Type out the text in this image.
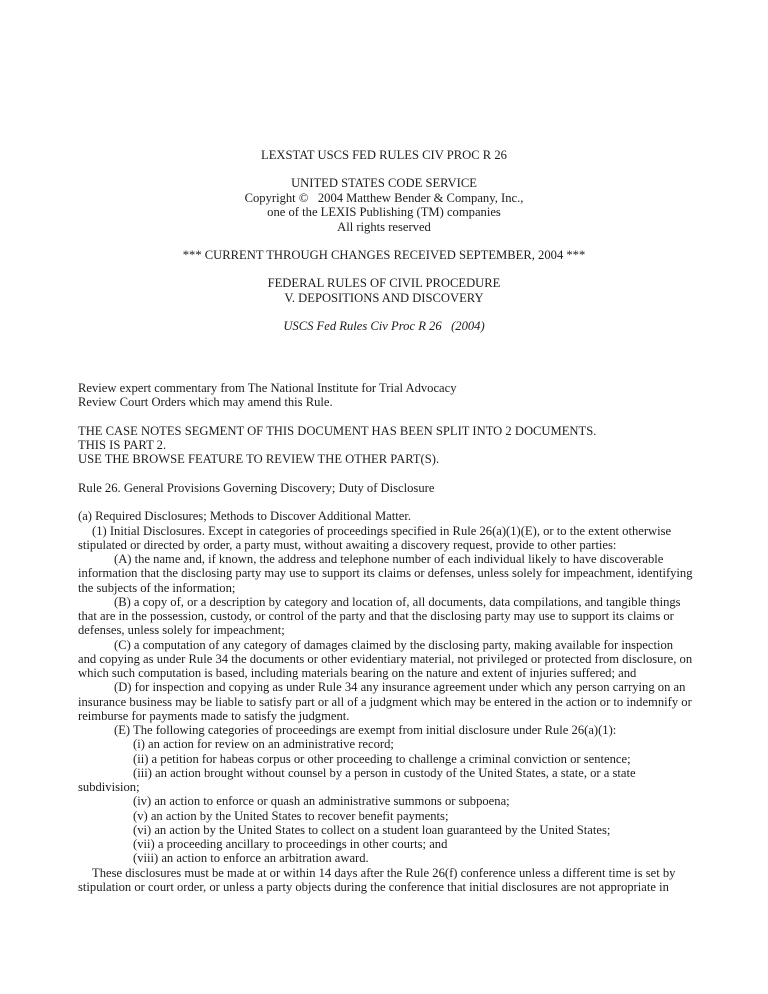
LEXSTAT USCS FED RULES CIV PROC R 26
UNITED STATES CODE SERVICE
Copyright ©   2004 Matthew Bender & Company, Inc.,
one of the LEXIS Publishing (TM) companies
All rights reserved
*** CURRENT THROUGH CHANGES RECEIVED SEPTEMBER, 2004 ***
FEDERAL RULES OF CIVIL PROCEDURE
V. DEPOSITIONS AND DISCOVERY
USCS Fed Rules Civ Proc R 26   (2004)

Review expert commentary from The National Institute for Trial Advocacy

Review Court Orders which may amend this Rule.

THE CASE NOTES SEGMENT OF THIS DOCUMENT HAS BEEN SPLIT INTO 2 DOCUMENTS.

THIS IS PART 2.

USE THE BROWSE FEATURE TO REVIEW THE OTHER PART(S).

Rule 26. General Provisions Governing Discovery; Duty of Disclosure

(a) Required Disclosures; Methods to Discover Additional Matter.

(1) Initial Disclosures. Except in categories of proceedings specified in Rule 26(a)(1)(E), or to the extent otherwise stipulated or directed by order, a party must, without awaiting a discovery request, provide to other parties:

(A) the name and, if known, the address and telephone number of each individual likely to have discoverable information that the disclosing party may use to support its claims or defenses, unless solely for impeachment, identifying the subjects of the information;

(B) a copy of, or a description by category and location of, all documents, data compilations, and tangible things that are in the possession, custody, or control of the party and that the disclosing party may use to support its claims or defenses, unless solely for impeachment;

(C) a computation of any category of damages claimed by the disclosing party, making available for inspection and copying as under Rule 34 the documents or other evidentiary material, not privileged or protected from disclosure, on which such computation is based, including materials bearing on the nature and extent of injuries suffered; and

(D) for inspection and copying as under Rule 34 any insurance agreement under which any person carrying on an insurance business may be liable to satisfy part or all of a judgment which may be entered in the action or to indemnify or reimburse for payments made to satisfy the judgment.

(E) The following categories of proceedings are exempt from initial disclosure under Rule 26(a)(1):

(i) an action for review on an administrative record;

(ii) a petition for habeas corpus or other proceeding to challenge a criminal conviction or sentence;

(iii) an action brought without counsel by a person in custody of the United States, a state, or a state subdivision;

(iv) an action to enforce or quash an administrative summons or subpoena;

(v) an action by the United States to recover benefit payments;

(vi) an action by the United States to collect on a student loan guaranteed by the United States;

(vii) a proceeding ancillary to proceedings in other courts; and

(viii) an action to enforce an arbitration award.

These disclosures must be made at or within 14 days after the Rule 26(f) conference unless a different time is set by stipulation or court order, or unless a party objects during the conference that initial disclosures are not appropriate in
